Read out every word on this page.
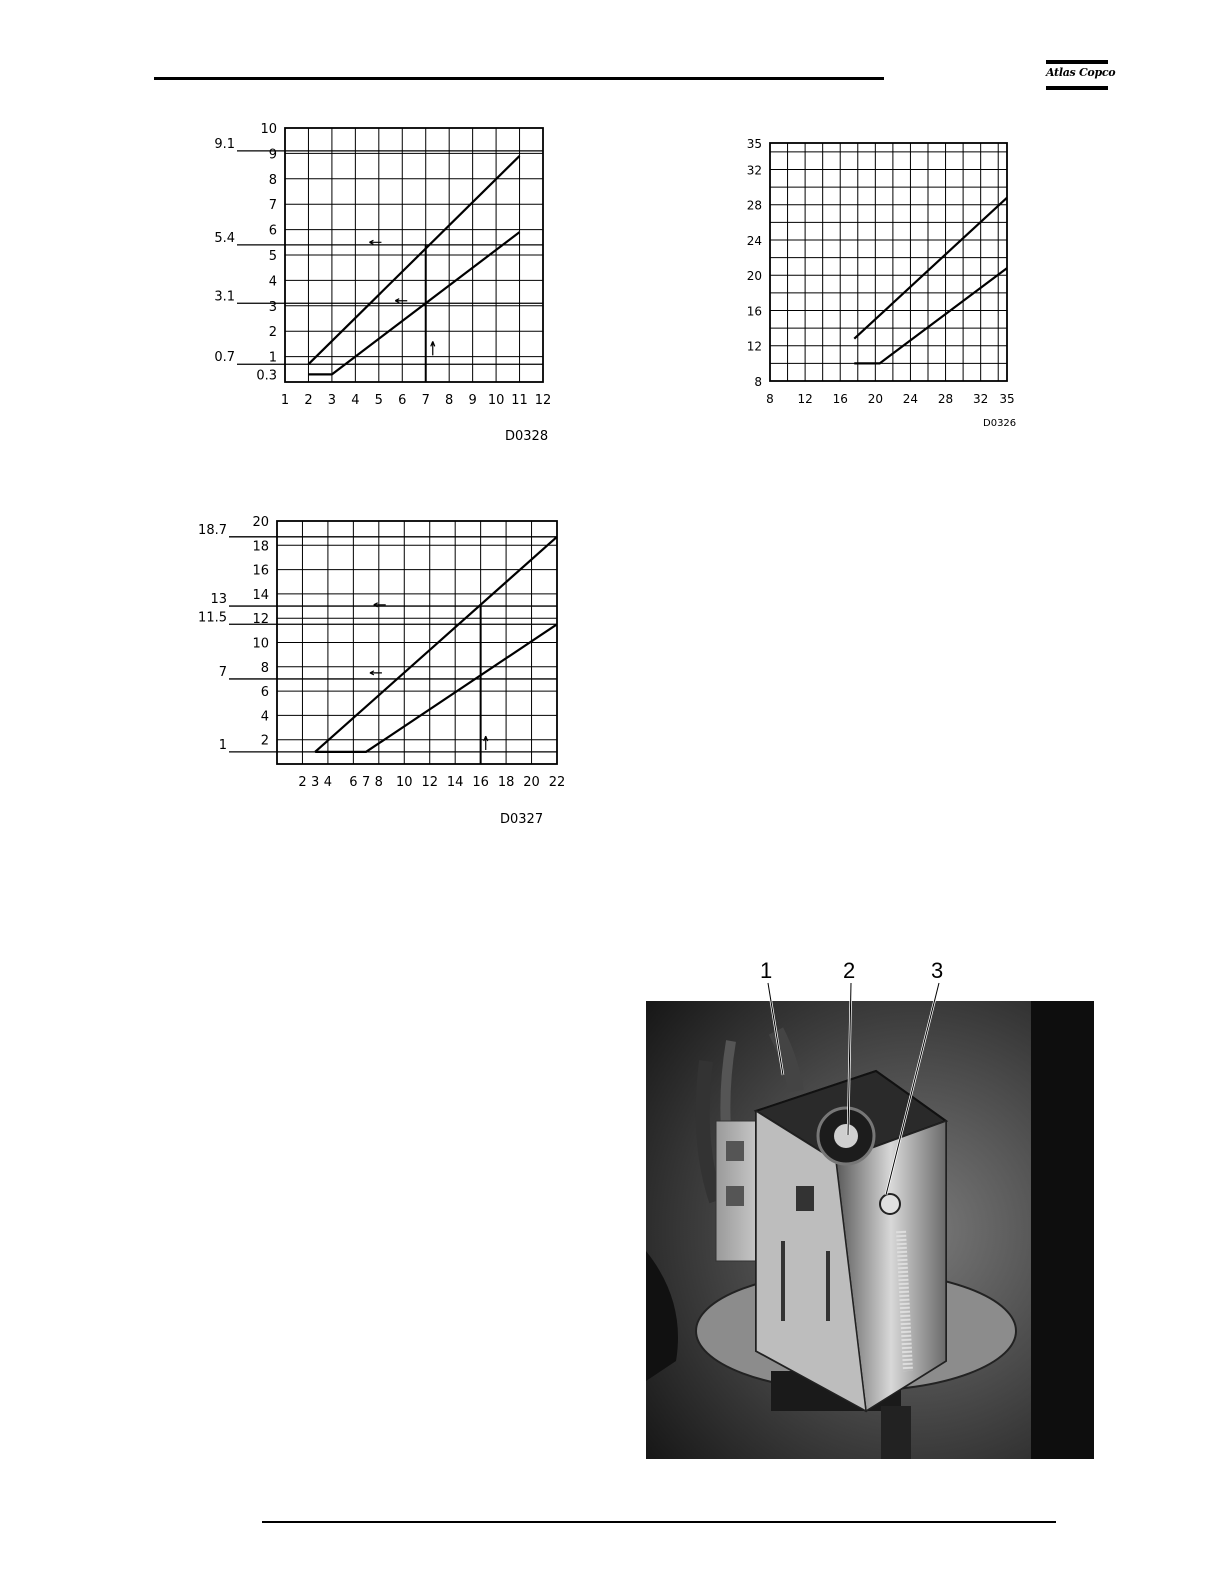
Atlas Copco
1 2 3 4 5 6 7 8 9 10 11 12
0.3
1
2
3
4
5
6
7
8
9
10
9.1
5.4
3.1
0.7
D0328
8 12 16 20 24 28 32 35
8
12
16
20
24
28
32
35
D0326
2 3 4 6 7 8 10 12 14 16 18 20 22
2
4
6
8
10
12
14
16
18
20
18.7
13
11.5
7
1
D0327
1	2	3
